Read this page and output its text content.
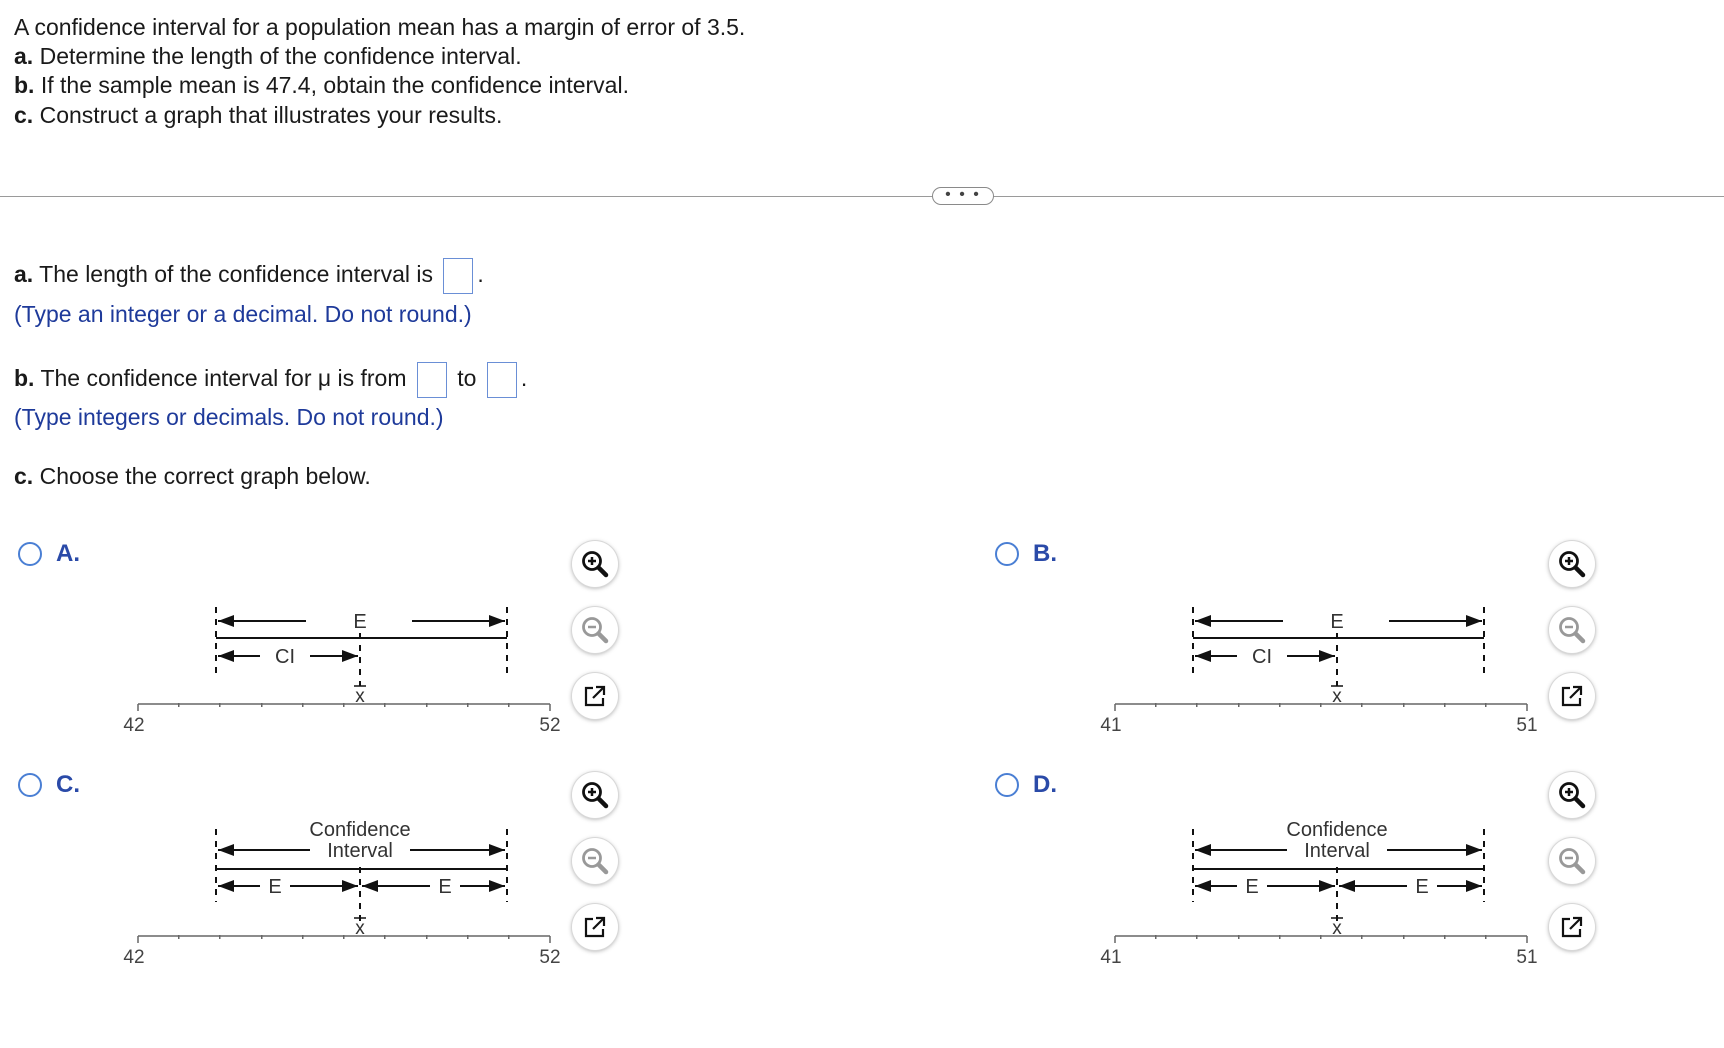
A confidence interval for a population mean has a margin of error of 3.5.
a. Determine the length of the confidence interval.
b. If the sample mean is 47.4, obtain the confidence interval.
c. Construct a graph that illustrates your results.
• • •
a. The length of the confidence interval is .
(Type an integer or a decimal. Do not round.)
b. The confidence interval for μ is from to .
(Type integers or decimals. Do not round.)
c. Choose the correct graph below.
A.
E
CI
x
42	52
B.
E
CI
x
41	51
C.
Confidence
Interval
E	E
x
42	52
D.
Confidence
Interval
E	E
x
41	51
